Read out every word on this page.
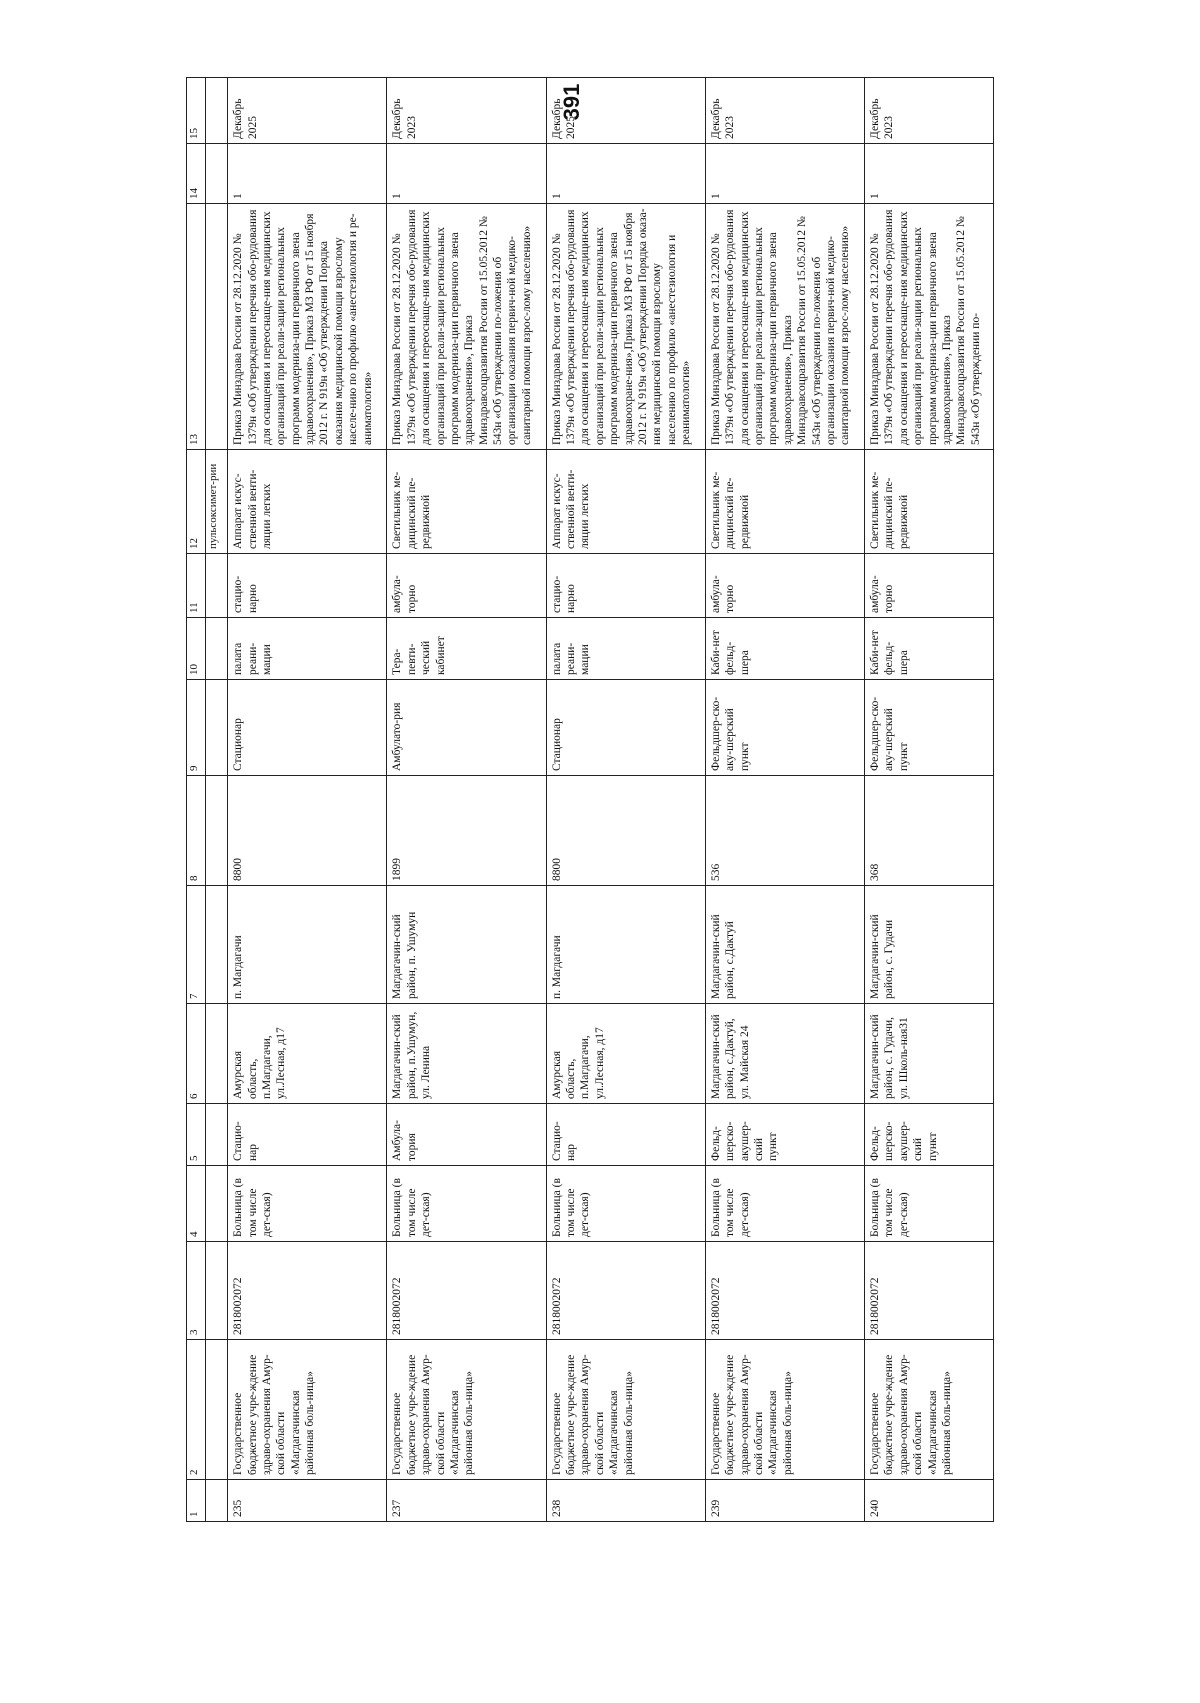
391
1	2	3	4	5	6	7	8	9	10	11	12	13	14	15
											пульсоксимет-рии			
235	Государственное бюджетное учре-ждение здраво-охранения Амур-ской области «Магдагачинская районная боль-ница»	2818002072	Больница (в том числе дет-ская)	Стацио-нар	Амурская область, п.Магдагачи, ул.Лесная, д17	п. Магдагачи	8800	Стационар	палата реани-мации	стацио-нарно	Аппарат искус-ственной венти-ляции легких	Приказ Минздрава России от 28.12.2020 № 1379н «Об утверждении перечня обо-рудования для оснащения и переоснаще-ния медицинских организаций при реали-зации региональных программ модерниза-ции первичного звена здравоохранения», Приказ МЗ РФ от 15 ноября 2012 г. N 919н «Об утверждении Порядка оказания медицинской помощи взрослому населе-нию по профилю «анестезиология и ре-аниматология»	1	Декабрь 2025
237	Государственное бюджетное учре-ждение здраво-охранения Амур-ской области «Магдагачинская районная боль-ница»	2818002072	Больница (в том числе дет-ская)	Амбула-тория	Магдагачин-ский район, п.Ушумун, ул. Ленина	Магдагачин-ский район, п. Ушумун	1899	Амбулато-рия	Тера-певти-ческий кабинет	амбула-торно	Светильник ме-дицинский пе-редвижной	Приказ Минздрава России от 28.12.2020 № 1379н «Об утверждении перечня обо-рудования для оснащения и переоснаще-ния медицинских организаций при реали-зации региональных программ модерниза-ции первичного звена здравоохранения», Приказ Минздравсоцразвития России от 15.05.2012 № 543н «Об утверждении по-ложения об организации оказания первич-ной медико-санитарной помощи взрос-лому населению»	1	Декабрь 2023
238	Государственное бюджетное учре-ждение здраво-охранения Амур-ской области «Магдагачинская районная боль-ница»	2818002072	Больница (в том числе дет-ская)	Стацио-нар	Амурская область, п.Магдагачи, ул.Лесная, д17	п. Магдагачи	8800	Стационар	палата реани-мации	стацио-нарно	Аппарат искус-ственной венти-ляции легких	Приказ Минздрава России от 28.12.2020 № 1379н «Об утверждении перечня обо-рудования для оснащения и переоснаще-ния медицинских организаций при реали-зации региональных программ модерниза-ции первичного звена здравоохране-ния»,Приказ МЗ РФ от 15 ноября 2012 г. N 919н «Об утверждении Порядка оказа-ния медицинской помощи взрослому населению по профилю «анестезиология и реаниматология»	1	Декабрь 2025
239	Государственное бюджетное учре-ждение здраво-охранения Амур-ской области «Магдагачинская районная боль-ница»	2818002072	Больница (в том числе дет-ская)	Фельд-шерско-акушер-ский пункт	Магдагачин-ский район, с.Дактуй, ул. Майская 24	Магдагачин-ский район, с.Дактуй	536	Фельдшер-ско-аку-шерский пункт	Каби-нет фельд-шера	амбула-торно	Светильник ме-дицинский пе-редвижной	Приказ Минздрава России от 28.12.2020 № 1379н «Об утверждении перечня обо-рудования для оснащения и переоснаще-ния медицинских организаций при реали-зации региональных программ модерниза-ции первичного звена здравоохранения», Приказ Минздравсоцразвития России от 15.05.2012 № 543н «Об утверждении по-ложения об организации оказания первич-ной медико-санитарной помощи взрос-лому населению»	1	Декабрь 2023
240	Государственное бюджетное учре-ждение здраво-охранения Амур-ской области «Магдагачинская районная боль-ница»	2818002072	Больница (в том числе дет-ская)	Фельд-шерско-акушер-ский пункт	Магдагачин-ский район, с. Гудачи, ул. Школь-ная31	Магдагачин-ский район, с. Гудачи	368	Фельдшер-ско-аку-шерский пункт	Каби-нет фельд-шера	амбула-торно	Светильник ме-дицинский пе-редвижной	Приказ Минздрава России от 28.12.2020 № 1379н «Об утверждении перечня обо-рудования для оснащения и переоснаще-ния медицинских организаций при реали-зации региональных программ модерниза-ции первичного звена здравоохранения», Приказ Минздравсоцразвития России от 15.05.2012 № 543н «Об утверждении по-	1	Декабрь 2023
